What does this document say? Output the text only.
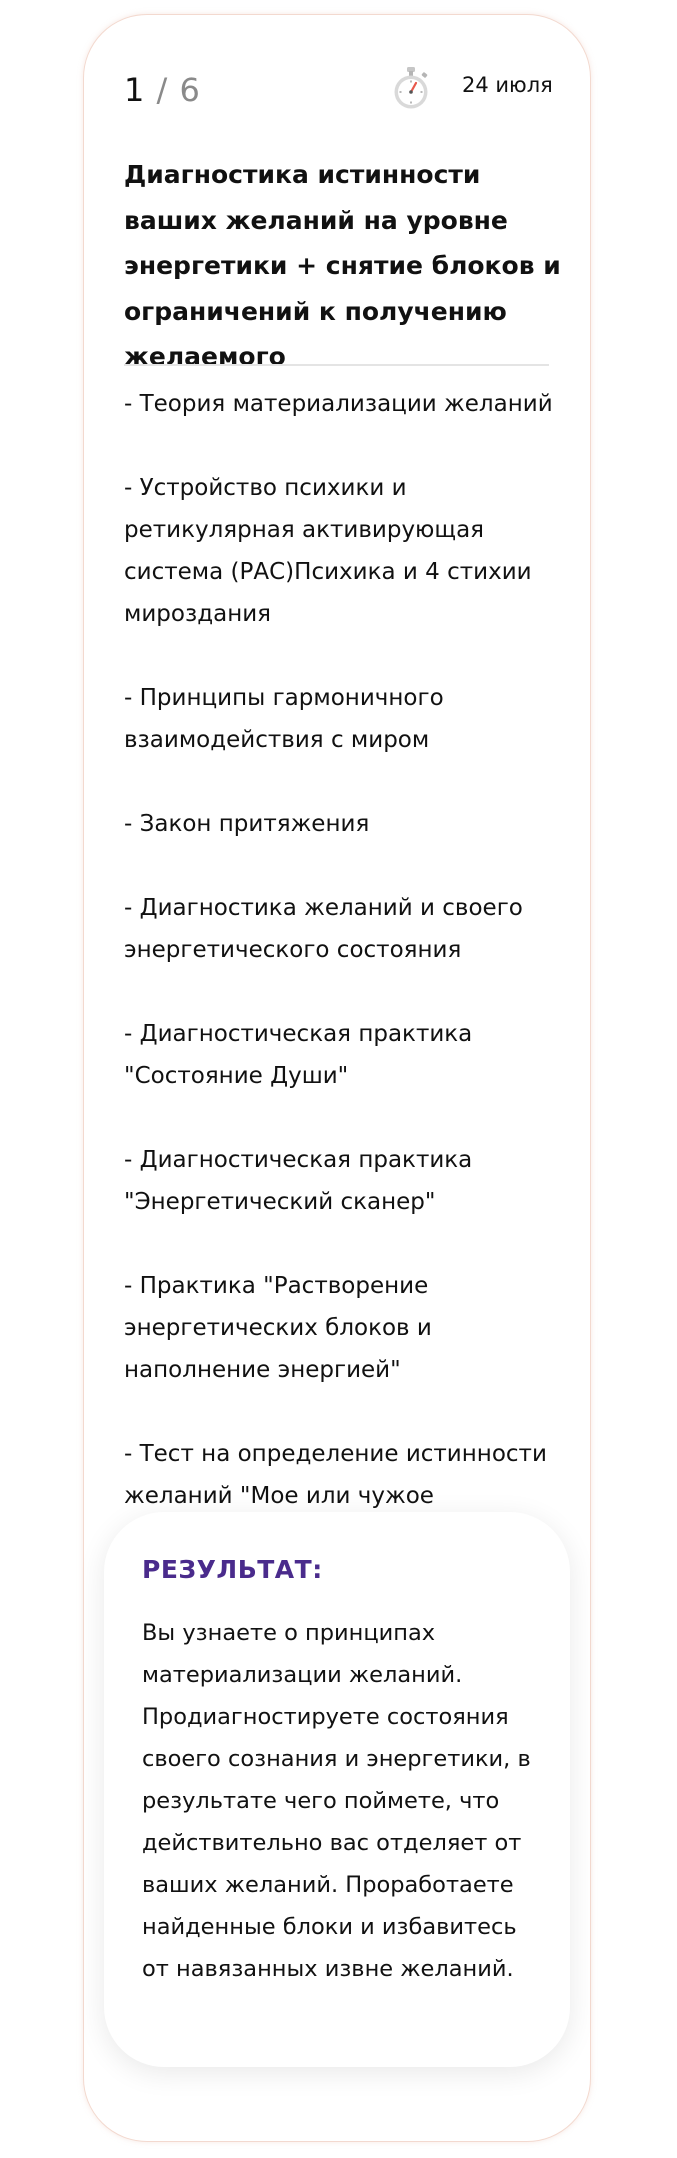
1 / 6	24 июля
Диагностика истинности ваших желаний на уровне энергетики + снятие блоков и ограничений к получению желаемого
- Теория материализации желаний
- Устройство психики и ретикулярная активирующая система (РАС)Психика и 4 стихии мироздания
- Принципы гармоничного взаимодействия с миром
- Закон притяжения
- Диагностика желаний и своего энергетического состояния
- Диагностическая практика "Состояние Души"
- Диагностическая практика "Энергетический сканер"
- Практика "Растворение энергетических блоков и наполнение энергией"
- Тест на определение истинности желаний "Мое или чужое
РЕЗУЛЬТАТ:

Вы узнаете о принципах материализации желаний. Продиагностируете состояния своего сознания и энергетики, в результате чего поймете, что действительно вас отделяет от ваших желаний. Проработаете найденные блоки и избавитесь от навязанных извне желаний.
